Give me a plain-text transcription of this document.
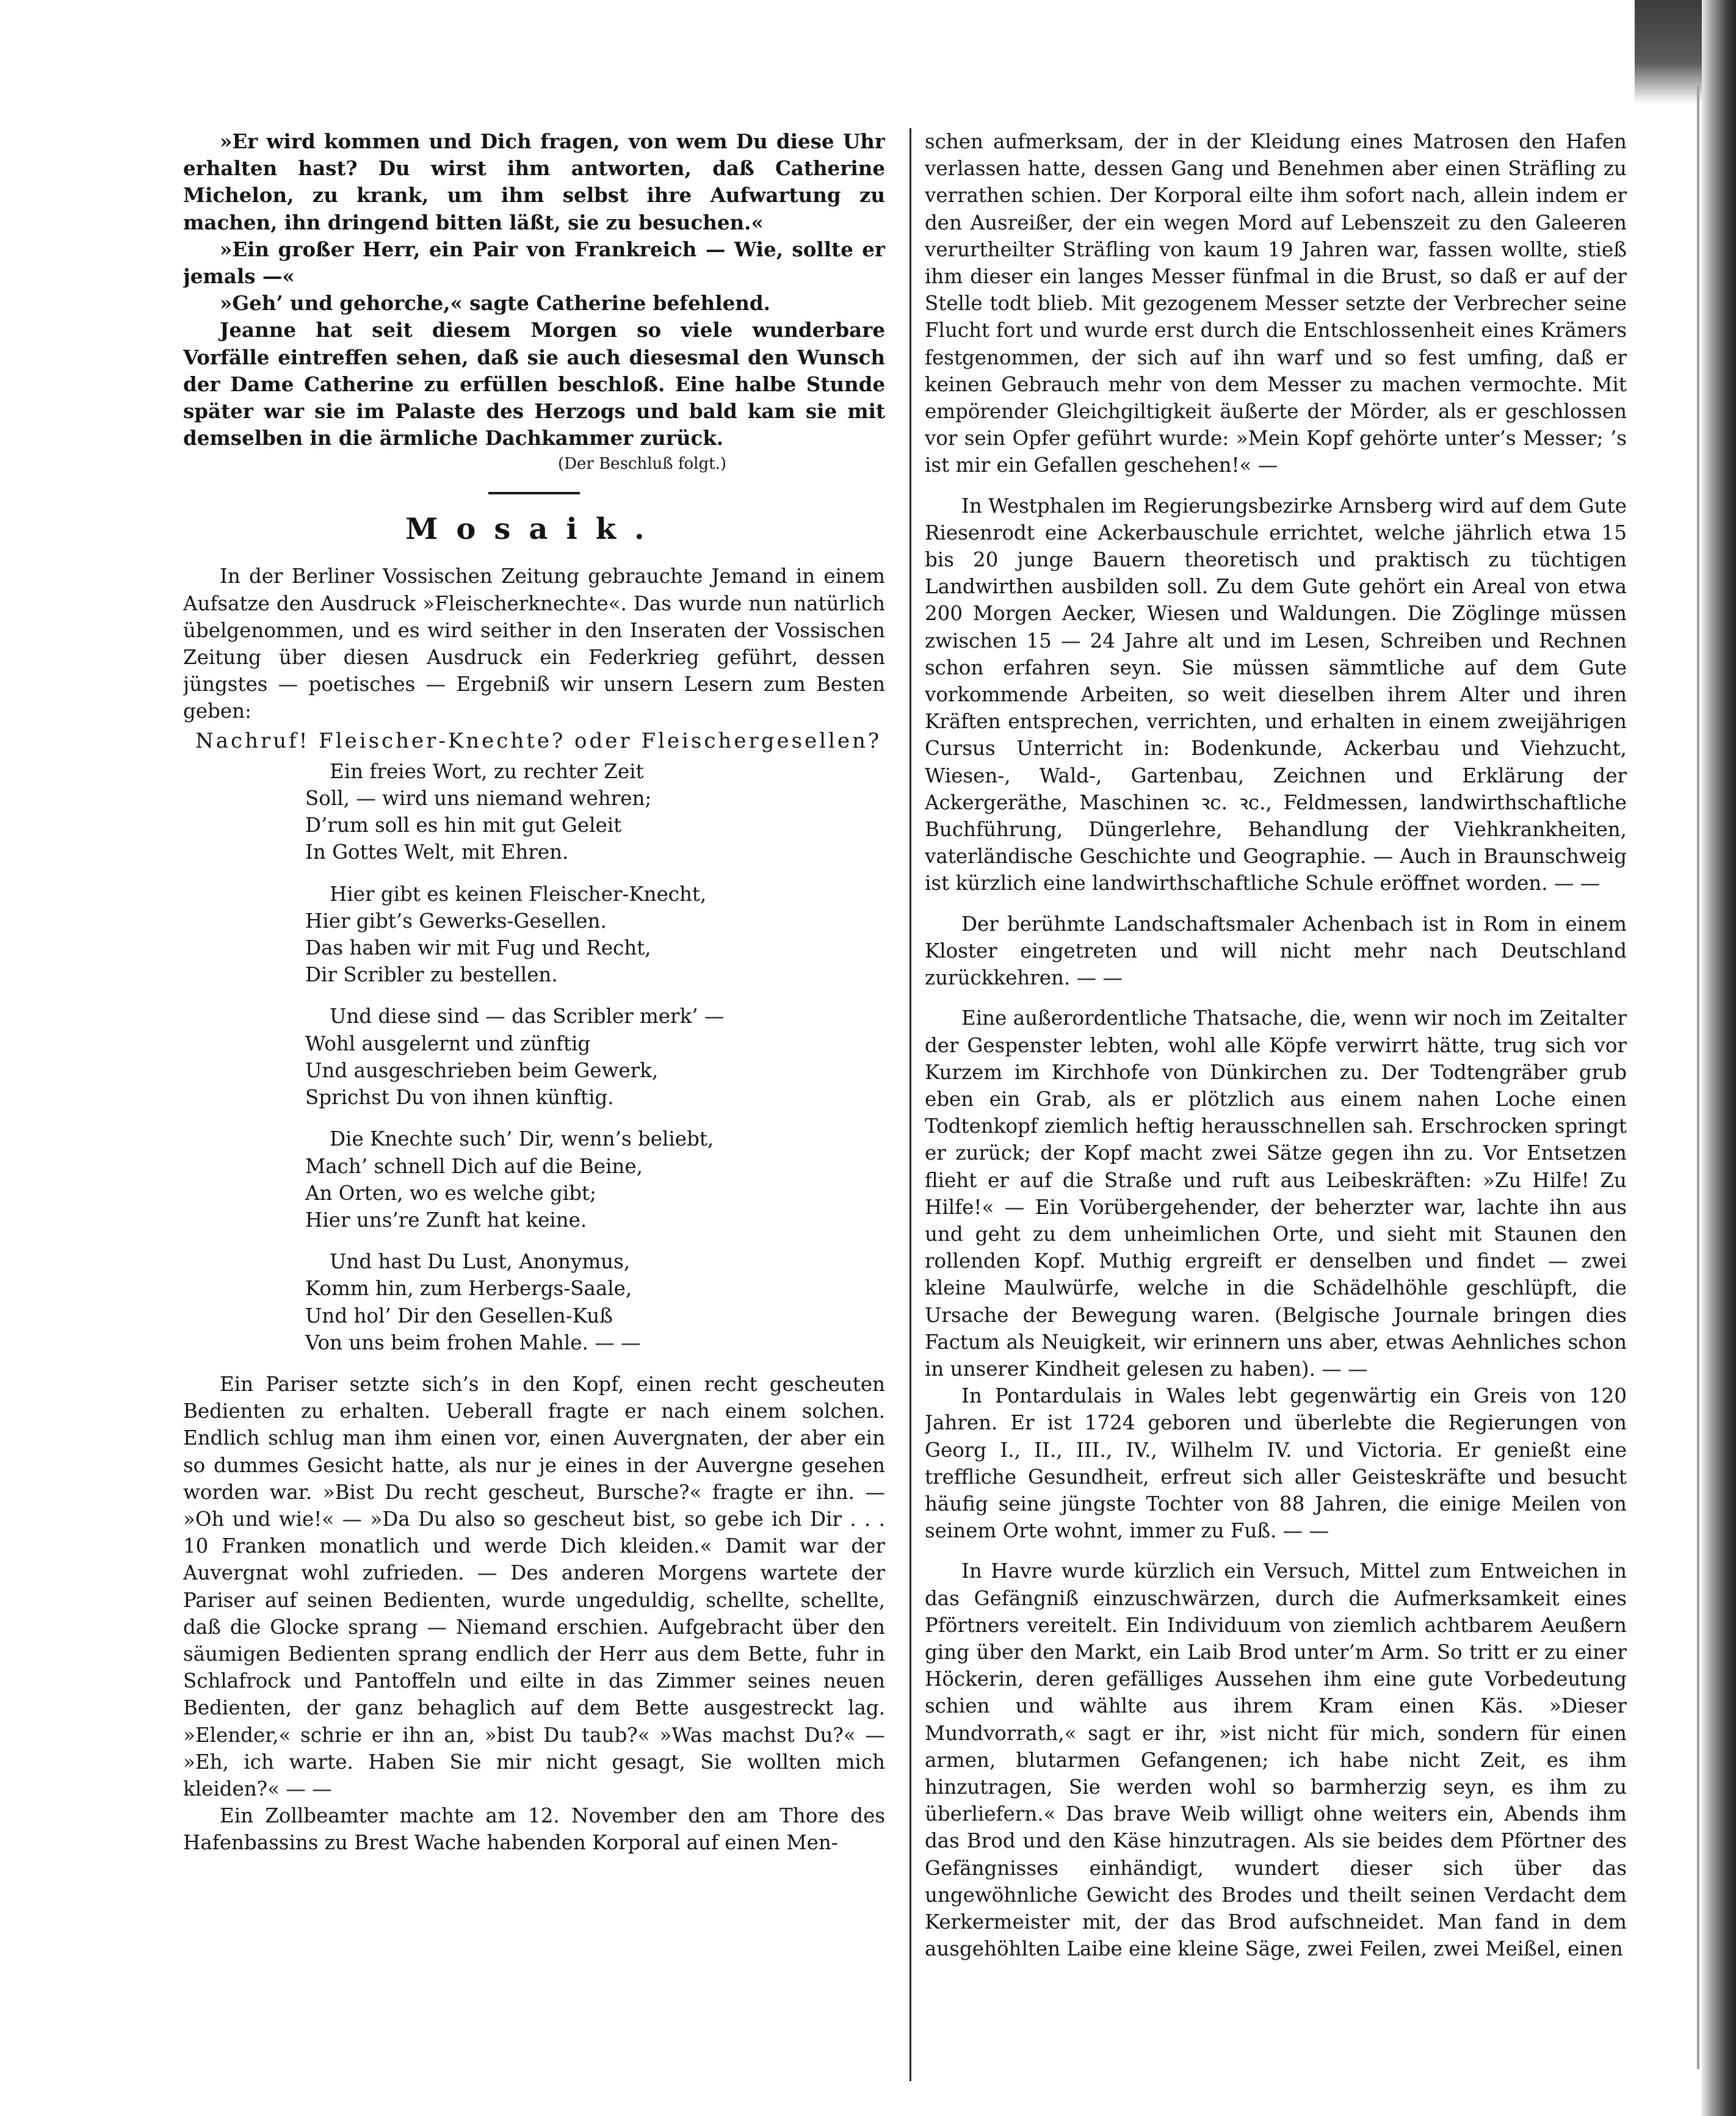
»Er wird kommen und Dich fragen, von wem Du diese Uhr erhalten hast? Du wirst ihm antworten, daß Catherine Michelon, zu krank, um ihm selbst ihre Aufwartung zu machen, ihn dringend bitten läßt, sie zu besuchen.«

»Ein großer Herr, ein Pair von Frankreich — Wie, sollte er jemals —«

»Geh’ und gehorche,« sagte Catherine befehlend.

Jeanne hat seit diesem Morgen so viele wunderbare Vorfälle eintreffen sehen, daß sie auch diesesmal den Wunsch der Dame Catherine zu erfüllen beschloß. Eine halbe Stunde später war sie im Palaste des Herzogs und bald kam sie mit demselben in die ärmliche Dachkammer zurück.

(Der Beschluß folgt.)

Mosaik.

In der Berliner Vossischen Zeitung gebrauchte Jemand in einem Aufsatze den Ausdruck »Fleischerknechte«. Das wurde nun natürlich übelgenommen, und es wird seither in den Inseraten der Vossischen Zeitung über diesen Ausdruck ein Federkrieg geführt, dessen jüngstes — poetisches — Ergebniß wir unsern Lesern zum Besten geben:

Nachruf! Fleischer-Knechte? oder Fleischergesellen?
Ein freies Wort, zu rechter Zeit
Soll, — wird uns niemand wehren;
D’rum soll es hin mit gut Geleit
In Gottes Welt, mit Ehren.
Hier gibt es keinen Fleischer-Knecht,
Hier gibt’s Gewerks-Gesellen.
Das haben wir mit Fug und Recht,
Dir Scribler zu bestellen.
Und diese sind — das Scribler merk’ —
Wohl ausgelernt und zünftig
Und ausgeschrieben beim Gewerk,
Sprichst Du von ihnen künftig.
Die Knechte such’ Dir, wenn’s beliebt,
Mach’ schnell Dich auf die Beine,
An Orten, wo es welche gibt;
Hier uns’re Zunft hat keine.
Und hast Du Lust, Anonymus,
Komm hin, zum Herbergs-Saale,
Und hol’ Dir den Gesellen-Kuß
Von uns beim frohen Mahle. — —

Ein Pariser setzte sich’s in den Kopf, einen recht gescheuten Bedienten zu erhalten. Ueberall fragte er nach einem solchen. Endlich schlug man ihm einen vor, einen Auvergnaten, der aber ein so dummes Gesicht hatte, als nur je eines in der Auvergne gesehen worden war. »Bist Du recht gescheut, Bursche?« fragte er ihn. — »Oh und wie!« — »Da Du also so gescheut bist, so gebe ich Dir . . . 10 Franken monatlich und werde Dich kleiden.« Damit war der Auvergnat wohl zufrieden. — Des anderen Morgens wartete der Pariser auf seinen Bedienten, wurde ungeduldig, schellte, schellte, daß die Glocke sprang — Niemand erschien. Aufgebracht über den säumigen Bedienten sprang endlich der Herr aus dem Bette, fuhr in Schlafrock und Pantoffeln und eilte in das Zimmer seines neuen Bedienten, der ganz behaglich auf dem Bette ausgestreckt lag. »Elender,« schrie er ihn an, »bist Du taub?« »Was machst Du?« — »Eh, ich warte. Haben Sie mir nicht gesagt, Sie wollten mich kleiden?« — —

Ein Zollbeamter machte am 12. November den am Thore des Hafenbassins zu Brest Wache habenden Korporal auf einen Men-

schen aufmerksam, der in der Kleidung eines Matrosen den Hafen verlassen hatte, dessen Gang und Benehmen aber einen Sträfling zu verrathen schien. Der Korporal eilte ihm sofort nach, allein indem er den Ausreißer, der ein wegen Mord auf Lebenszeit zu den Galeeren verurtheilter Sträfling von kaum 19 Jahren war, fassen wollte, stieß ihm dieser ein langes Messer fünfmal in die Brust, so daß er auf der Stelle todt blieb. Mit gezogenem Messer setzte der Verbrecher seine Flucht fort und wurde erst durch die Entschlossenheit eines Krämers festgenommen, der sich auf ihn warf und so fest umfing, daß er keinen Gebrauch mehr von dem Messer zu machen vermochte. Mit empörender Gleichgiltigkeit äußerte der Mörder, als er geschlossen vor sein Opfer geführt wurde: »Mein Kopf gehörte unter’s Messer; ’s ist mir ein Gefallen geschehen!« —

In Westphalen im Regierungsbezirke Arnsberg wird auf dem Gute Riesenrodt eine Ackerbauschule errichtet, welche jährlich etwa 15 bis 20 junge Bauern theoretisch und praktisch zu tüchtigen Landwirthen ausbilden soll. Zu dem Gute gehört ein Areal von etwa 200 Morgen Aecker, Wiesen und Waldungen. Die Zöglinge müssen zwischen 15 — 24 Jahre alt und im Lesen, Schreiben und Rechnen schon erfahren seyn. Sie müssen sämmtliche auf dem Gute vorkommende Arbeiten, so weit dieselben ihrem Alter und ihren Kräften entsprechen, verrichten, und erhalten in einem zweijährigen Cursus Unterricht in: Bodenkunde, Ackerbau und Viehzucht, Wiesen-, Wald-, Gartenbau, Zeichnen und Erklärung der Ackergeräthe, Maschinen ꝛc. ꝛc., Feldmessen, landwirthschaftliche Buchführung, Düngerlehre, Behandlung der Viehkrankheiten, vaterländische Geschichte und Geographie. — Auch in Braunschweig ist kürzlich eine landwirthschaftliche Schule eröffnet worden. — —

Der berühmte Landschaftsmaler Achenbach ist in Rom in einem Kloster eingetreten und will nicht mehr nach Deutschland zurückkehren. — —

Eine außerordentliche Thatsache, die, wenn wir noch im Zeitalter der Gespenster lebten, wohl alle Köpfe verwirrt hätte, trug sich vor Kurzem im Kirchhofe von Dünkirchen zu. Der Todtengräber grub eben ein Grab, als er plötzlich aus einem nahen Loche einen Todtenkopf ziemlich heftig herausschnellen sah. Erschrocken springt er zurück; der Kopf macht zwei Sätze gegen ihn zu. Vor Entsetzen flieht er auf die Straße und ruft aus Leibeskräften: »Zu Hilfe! Zu Hilfe!« — Ein Vorübergehender, der beherzter war, lachte ihn aus und geht zu dem unheimlichen Orte, und sieht mit Staunen den rollenden Kopf. Muthig ergreift er denselben und findet — zwei kleine Maulwürfe, welche in die Schädelhöhle geschlüpft, die Ursache der Bewegung waren. (Belgische Journale bringen dies Factum als Neuigkeit, wir erinnern uns aber, etwas Aehnliches schon in unserer Kindheit gelesen zu haben). — —

In Pontardulais in Wales lebt gegenwärtig ein Greis von 120 Jahren. Er ist 1724 geboren und überlebte die Regierungen von Georg I., II., III., IV., Wilhelm IV. und Victoria. Er genießt eine treffliche Gesundheit, erfreut sich aller Geisteskräfte und besucht häufig seine jüngste Tochter von 88 Jahren, die einige Meilen von seinem Orte wohnt, immer zu Fuß. — —

In Havre wurde kürzlich ein Versuch, Mittel zum Entweichen in das Gefängniß einzuschwärzen, durch die Aufmerksamkeit eines Pförtners vereitelt. Ein Individuum von ziemlich achtbarem Aeußern ging über den Markt, ein Laib Brod unter’m Arm. So tritt er zu einer Höckerin, deren gefälliges Aussehen ihm eine gute Vorbedeutung schien und wählte aus ihrem Kram einen Käs. »Dieser Mundvorrath,« sagt er ihr, »ist nicht für mich, sondern für einen armen, blutarmen Gefangenen; ich habe nicht Zeit, es ihm hinzutragen, Sie werden wohl so barmherzig seyn, es ihm zu überliefern.« Das brave Weib willigt ohne weiters ein, Abends ihm das Brod und den Käse hinzutragen. Als sie beides dem Pförtner des Gefängnisses einhändigt, wundert dieser sich über das ungewöhnliche Gewicht des Brodes und theilt seinen Verdacht dem Kerkermeister mit, der das Brod aufschneidet. Man fand in dem ausgehöhlten Laibe eine kleine Säge, zwei Feilen, zwei Meißel, einen
